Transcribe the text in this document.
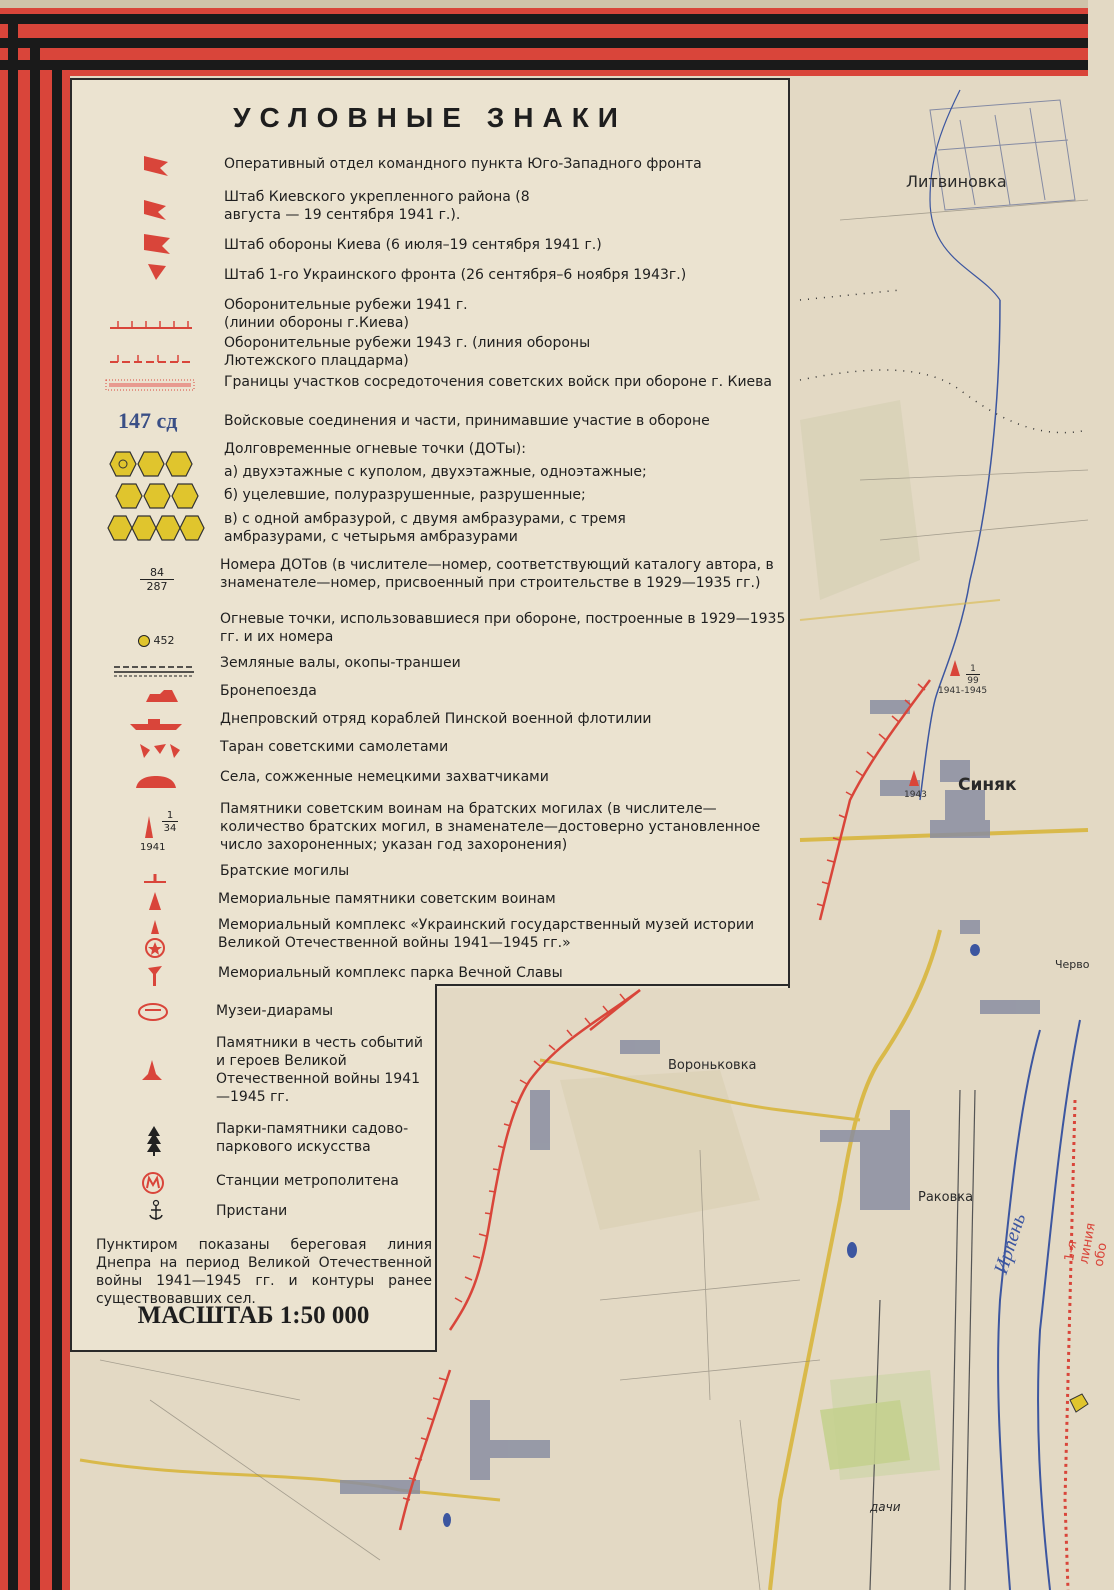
УСЛОВНЫЕ ЗНАКИ
147 сд
$\frac{84}{287}$
452
1
34
1941
Оперативный отдел командного пункта Юго-Западного фронта
Штаб Киевского укрепленного района (8 августа — 19 сентября 1941 г.).
Штаб обороны Киева (6 июля–19 сентября 1941 г.)
Штаб 1-го Украинского фронта (26 сентября–6 ноября 1943г.)
Оборонительные рубежи 1941 г. (линии обороны г.Киева)
Оборонительные рубежи 1943 г. (линия обороны Лютежского плацдарма)
Границы участков сосредоточения советских войск при обороне г. Киева
Войсковые соединения и части, принимавшие участие в обороне
Долговременные огневые точки (ДОТы):
а) двухэтажные с куполом, двухэтажные, одноэтажные;
б) уцелевшие, полуразрушенные, разрушенные;
в) с одной амбразурой, с двумя амбразурами, с тремя амбразурами, с четырьмя амбразурами
Номера ДОТов (в числителе—номер, соответствующий каталогу автора, в знаменателе—номер, присвоенный при строительстве в 1929—1935 гг.)
Огневые точки, использовавшиеся при обороне, построенные в 1929—1935 гг. и их номера
Земляные валы, окопы-траншеи
Бронепоезда
Днепровский отряд кораблей Пинской военной флотилии
Таран советскими самолетами
Села, сожженные немецкими захватчиками
Памятники советским воинам на братских могилах (в числителе—количество братских могил, в знаменателе—достоверно установленное число захороненных; указан год захоронения)
Братские могилы
Мемориальные памятники советским воинам
Мемориальный комплекс «Украинский государственный музей истории Великой Отечественной войны 1941—1945 гг.»
Мемориальный комплекс парка Вечной Славы
Музеи-диарамы
Памятники в честь событий и героев Великой Отечественной войны 1941—1945 гг.
Парки-памятники садово-паркового искусства
Станции метрополитена
Пристани
Пунктиром показаны береговая линия Днепра на период Великой Отечественной войны 1941—1945 гг. и контуры ранее существовавших сел.
МАСШТАБ 1:50 000
Литвиновка
Синяк
Вороньковка
Раковка
дачи
Черво
Ирпень 1-я линия обо
1
99
1941-1945
1943
